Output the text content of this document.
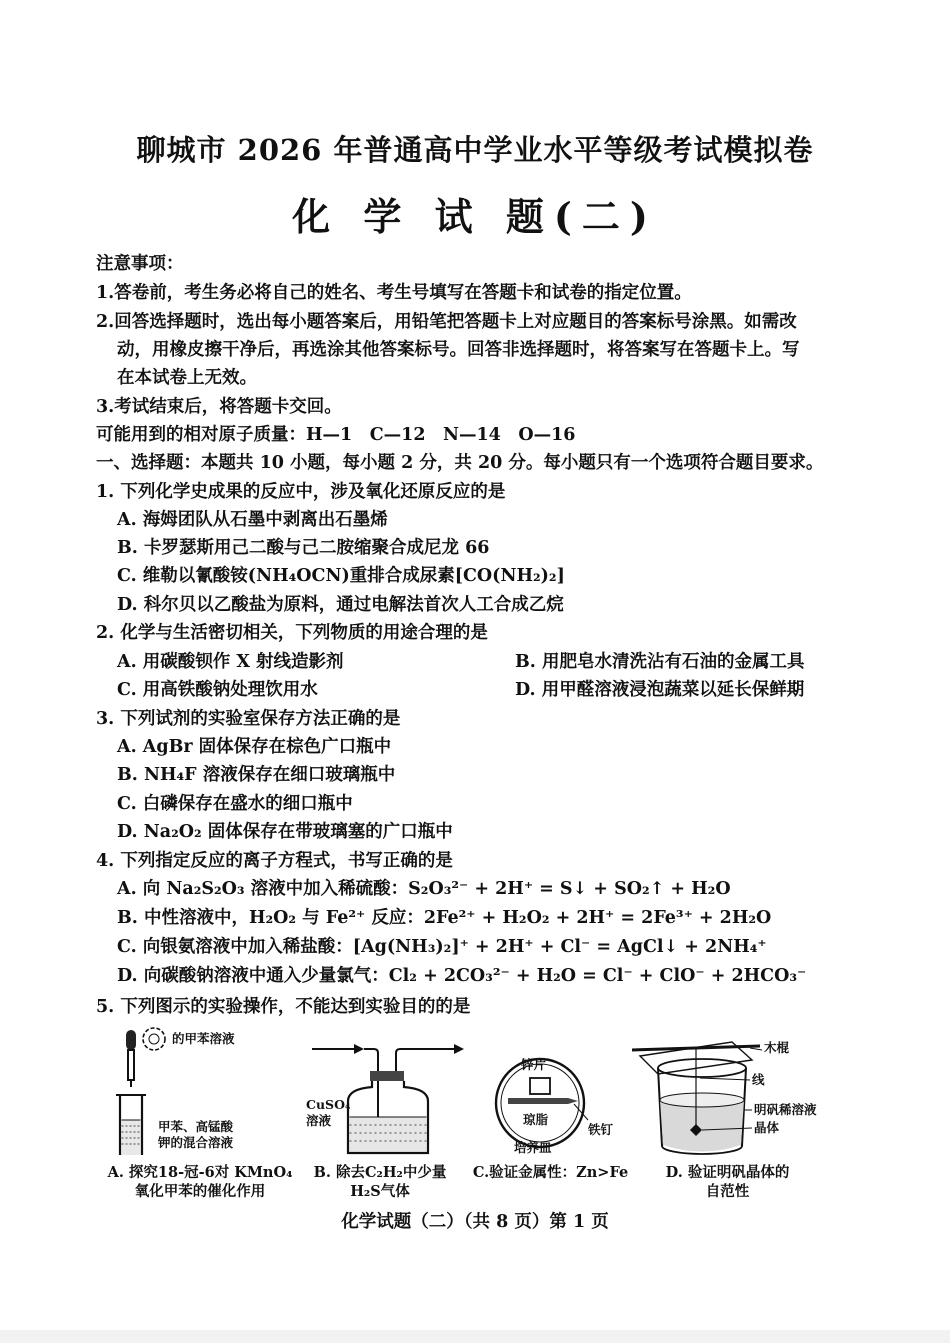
聊城市 2026 年普通高中学业水平等级考试模拟卷
化 学 试 题(二)
注意事项：
1.答卷前，考生务必将自己的姓名、考生号填写在答题卡和试卷的指定位置。
2.回答选择题时，选出每小题答案后，用铅笔把答题卡上对应题目的答案标号涂黑。如需改
动，用橡皮擦干净后，再选涂其他答案标号。回答非选择题时，将答案写在答题卡上。写
在本试卷上无效。
3.考试结束后，将答题卡交回。
可能用到的相对原子质量：H—1　C—12　N—14　O—16
一、选择题：本题共 10 小题，每小题 2 分，共 20 分。每小题只有一个选项符合题目要求。
1. 下列化学史成果的反应中，涉及氧化还原反应的是
A. 海姆团队从石墨中剥离出石墨烯
B. 卡罗瑟斯用己二酸与己二胺缩聚合成尼龙 66
C. 维勒以氰酸铵(NH₄OCN)重排合成尿素[CO(NH₂)₂]
D. 科尔贝以乙酸盐为原料，通过电解法首次人工合成乙烷
2. 化学与生活密切相关，下列物质的用途合理的是
A. 用碳酸钡作 X 射线造影剂	B. 用肥皂水清洗沾有石油的金属工具
C. 用高铁酸钠处理饮用水	D. 用甲醛溶液浸泡蔬菜以延长保鲜期
3. 下列试剂的实验室保存方法正确的是
A. AgBr 固体保存在棕色广口瓶中
B. NH₄F 溶液保存在细口玻璃瓶中
C. 白磷保存在盛水的细口瓶中
D. Na₂O₂ 固体保存在带玻璃塞的广口瓶中
4. 下列指定反应的离子方程式，书写正确的是
A. 向 Na₂S₂O₃ 溶液中加入稀硫酸：S₂O₃²⁻ + 2H⁺ = S↓ + SO₂↑ + H₂O
B. 中性溶液中，H₂O₂ 与 Fe²⁺ 反应：2Fe²⁺ + H₂O₂ + 2H⁺ = 2Fe³⁺ + 2H₂O
C. 向银氨溶液中加入稀盐酸：[Ag(NH₃)₂]⁺ + 2H⁺ + Cl⁻ = AgCl↓ + 2NH₄⁺
D. 向碳酸钠溶液中通入少量氯气：Cl₂ + 2CO₃²⁻ + H₂O = Cl⁻ + ClO⁻ + 2HCO₃⁻
5. 下列图示的实验操作，不能达到实验目的的是
的甲苯溶液
甲苯、高锰酸
钾的混合溶液
A. 探究18-冠-6对 KMnO₄
氧化甲苯的催化作用
CuSO₄
溶液
B. 除去C₂H₂中少量
H₂S气体
锌片
琼脂
铁钉
培养皿
C.验证金属性：Zn>Fe
木棍
线
明矾稀溶液
晶体
D. 验证明矾晶体的
自范性
化学试题（二）（共 8 页）第 1 页
